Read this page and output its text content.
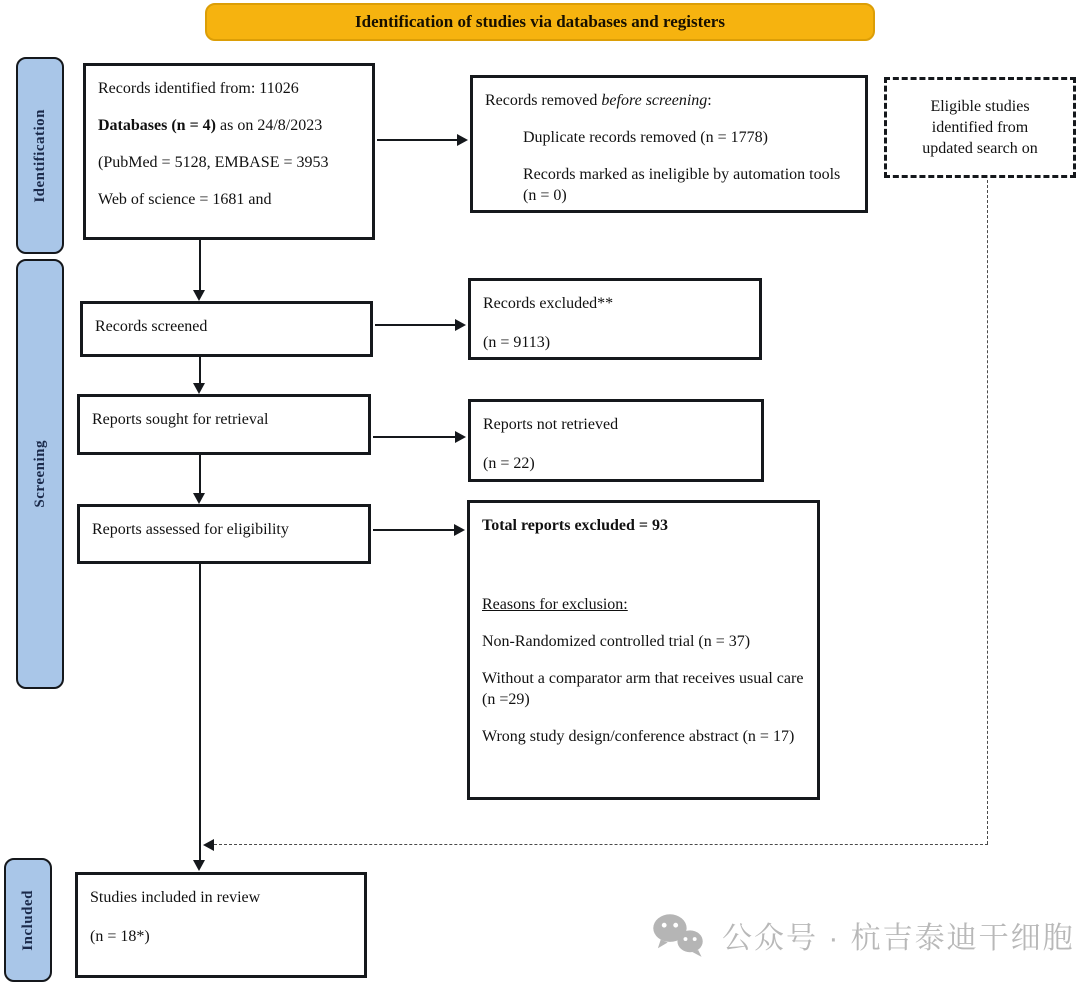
Identification of studies via databases and registers
Identification
Screening
Included

Records identified from: 11026

Databases (n = 4) as on 24/8/2023

(PubMed = 5128, EMBASE = 3953

Web of science = 1681 and

Records removed before screening:

Duplicate records removed (n = 1778)

Records marked as ineligible by automation tools (n = 0)

Eligible studies

identified from

updated search on

Records screened

Records excluded**

(n = 9113)

Reports sought for retrieval	Reports not retrieved

(n = 22)

Reports assessed for eligibility	Total reports excluded = 93

Reasons for exclusion:

Non-Randomized controlled trial (n = 37)

Without a comparator arm that receives usual care (n =29)

Wrong study design/conference abstract (n = 17)

Studies included in review

(n = 18*)	公众号 · 杭吉泰迪干细胞
